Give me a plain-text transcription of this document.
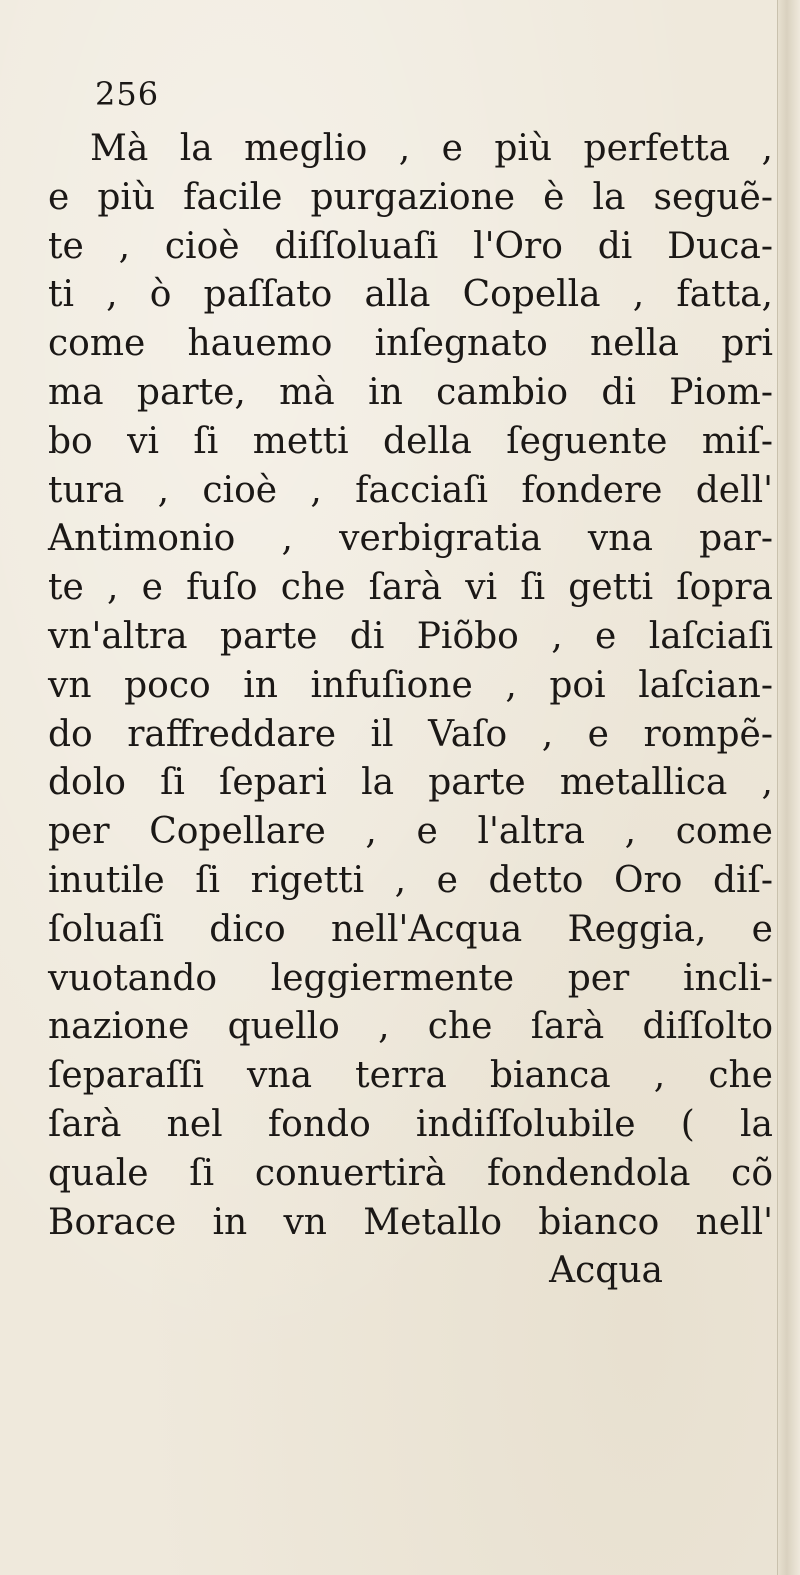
256
Mà la meglio , e più perfetta ,
e più facile purgazione è la seguẽ-
te , cioè diſſoluaſi l'Oro di Duca-
ti , ò paſſato alla Copella , fatta,
come hauemo inſegnato nella pri
ma parte, mà in cambio di Piom-
bo vi ſi metti della ſeguente miſ-
tura , cioè , facciaſi fondere dell'
Antimonio , verbigratia vna par-
te , e fuſo che ſarà vi ſi getti ſopra
vn'altra parte di Piõbo , e laſciaſi
vn poco in infuſione , poi laſcian-
do raffreddare il Vaſo , e rompẽ-
dolo ſi ſepari la parte metallica ,
per Copellare , e l'altra , come
inutile ſi rigetti , e detto Oro diſ-
ſoluaſi dico nell'Acqua Reggia, e
vuotando leggiermente per incli-
nazione quello , che ſarà diſſolto
ſeparaſſi vna terra bianca , che
ſarà nel fondo indiſſolubile ( la
quale ſi conuertirà fondendola cõ
Borace in vn Metallo bianco nell'
Acqua
